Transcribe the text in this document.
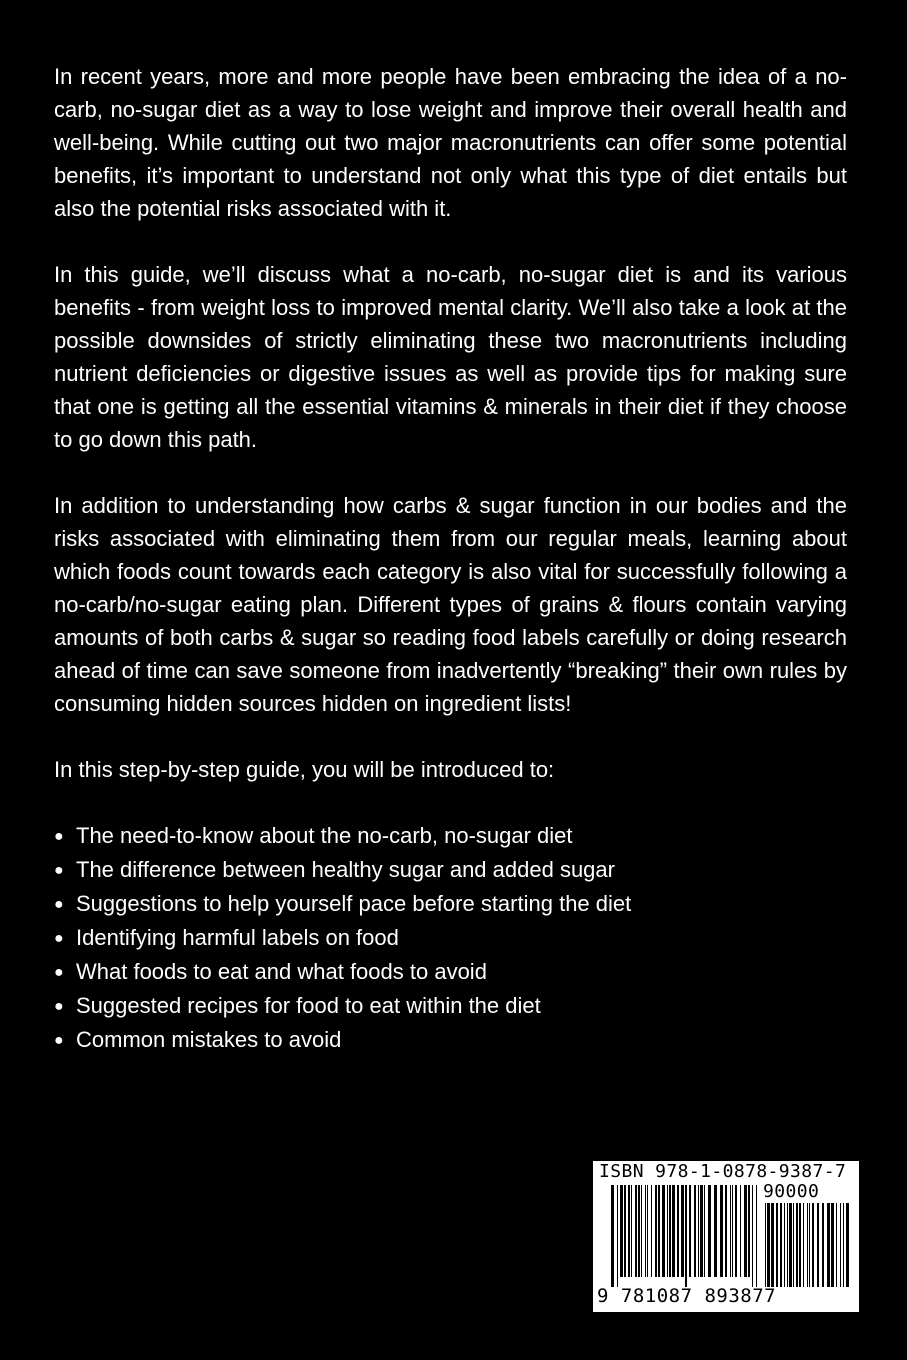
In recent years, more and more people have been embracing the idea of a no-carb, no-sugar diet as a way to lose weight and improve their overall health and well-being. While cutting out two major macronutrients can offer some potential benefits, it’s important to understand not only what this type of diet entails but also the potential risks associated with it.

In this guide, we’ll discuss what a no-carb, no-sugar diet is and its various benefits - from weight loss to improved mental clarity. We’ll also take a look at the possible downsides of strictly eliminating these two macronutrients including nutrient deficiencies or digestive issues as well as provide tips for making sure that one is getting all the essential vitamins & minerals in their diet if they choose to go down this path.

In addition to understanding how carbs & sugar function in our bodies and the risks associated with eliminating them from our regular meals, learning about which foods count towards each category is also vital for successfully following a no-carb/no-sugar eating plan. Different types of grains & flours contain varying amounts of both carbs & sugar so reading food labels carefully or doing research ahead of time can save someone from inadvertently “breaking” their own rules by consuming hidden sources hidden on ingredient lists!

In this step-by-step guide, you will be introduced to:

● The need-to-know about the no-carb, no-sugar diet
● The difference between healthy sugar and added sugar
● Suggestions to help yourself pace before starting the diet
● Identifying harmful labels on food
● What foods to eat and what foods to avoid
● Suggested recipes for food to eat within the diet
● Common mistakes to avoid
ISBN 978-1-0878-9387-7
90000
9 781087 893877
